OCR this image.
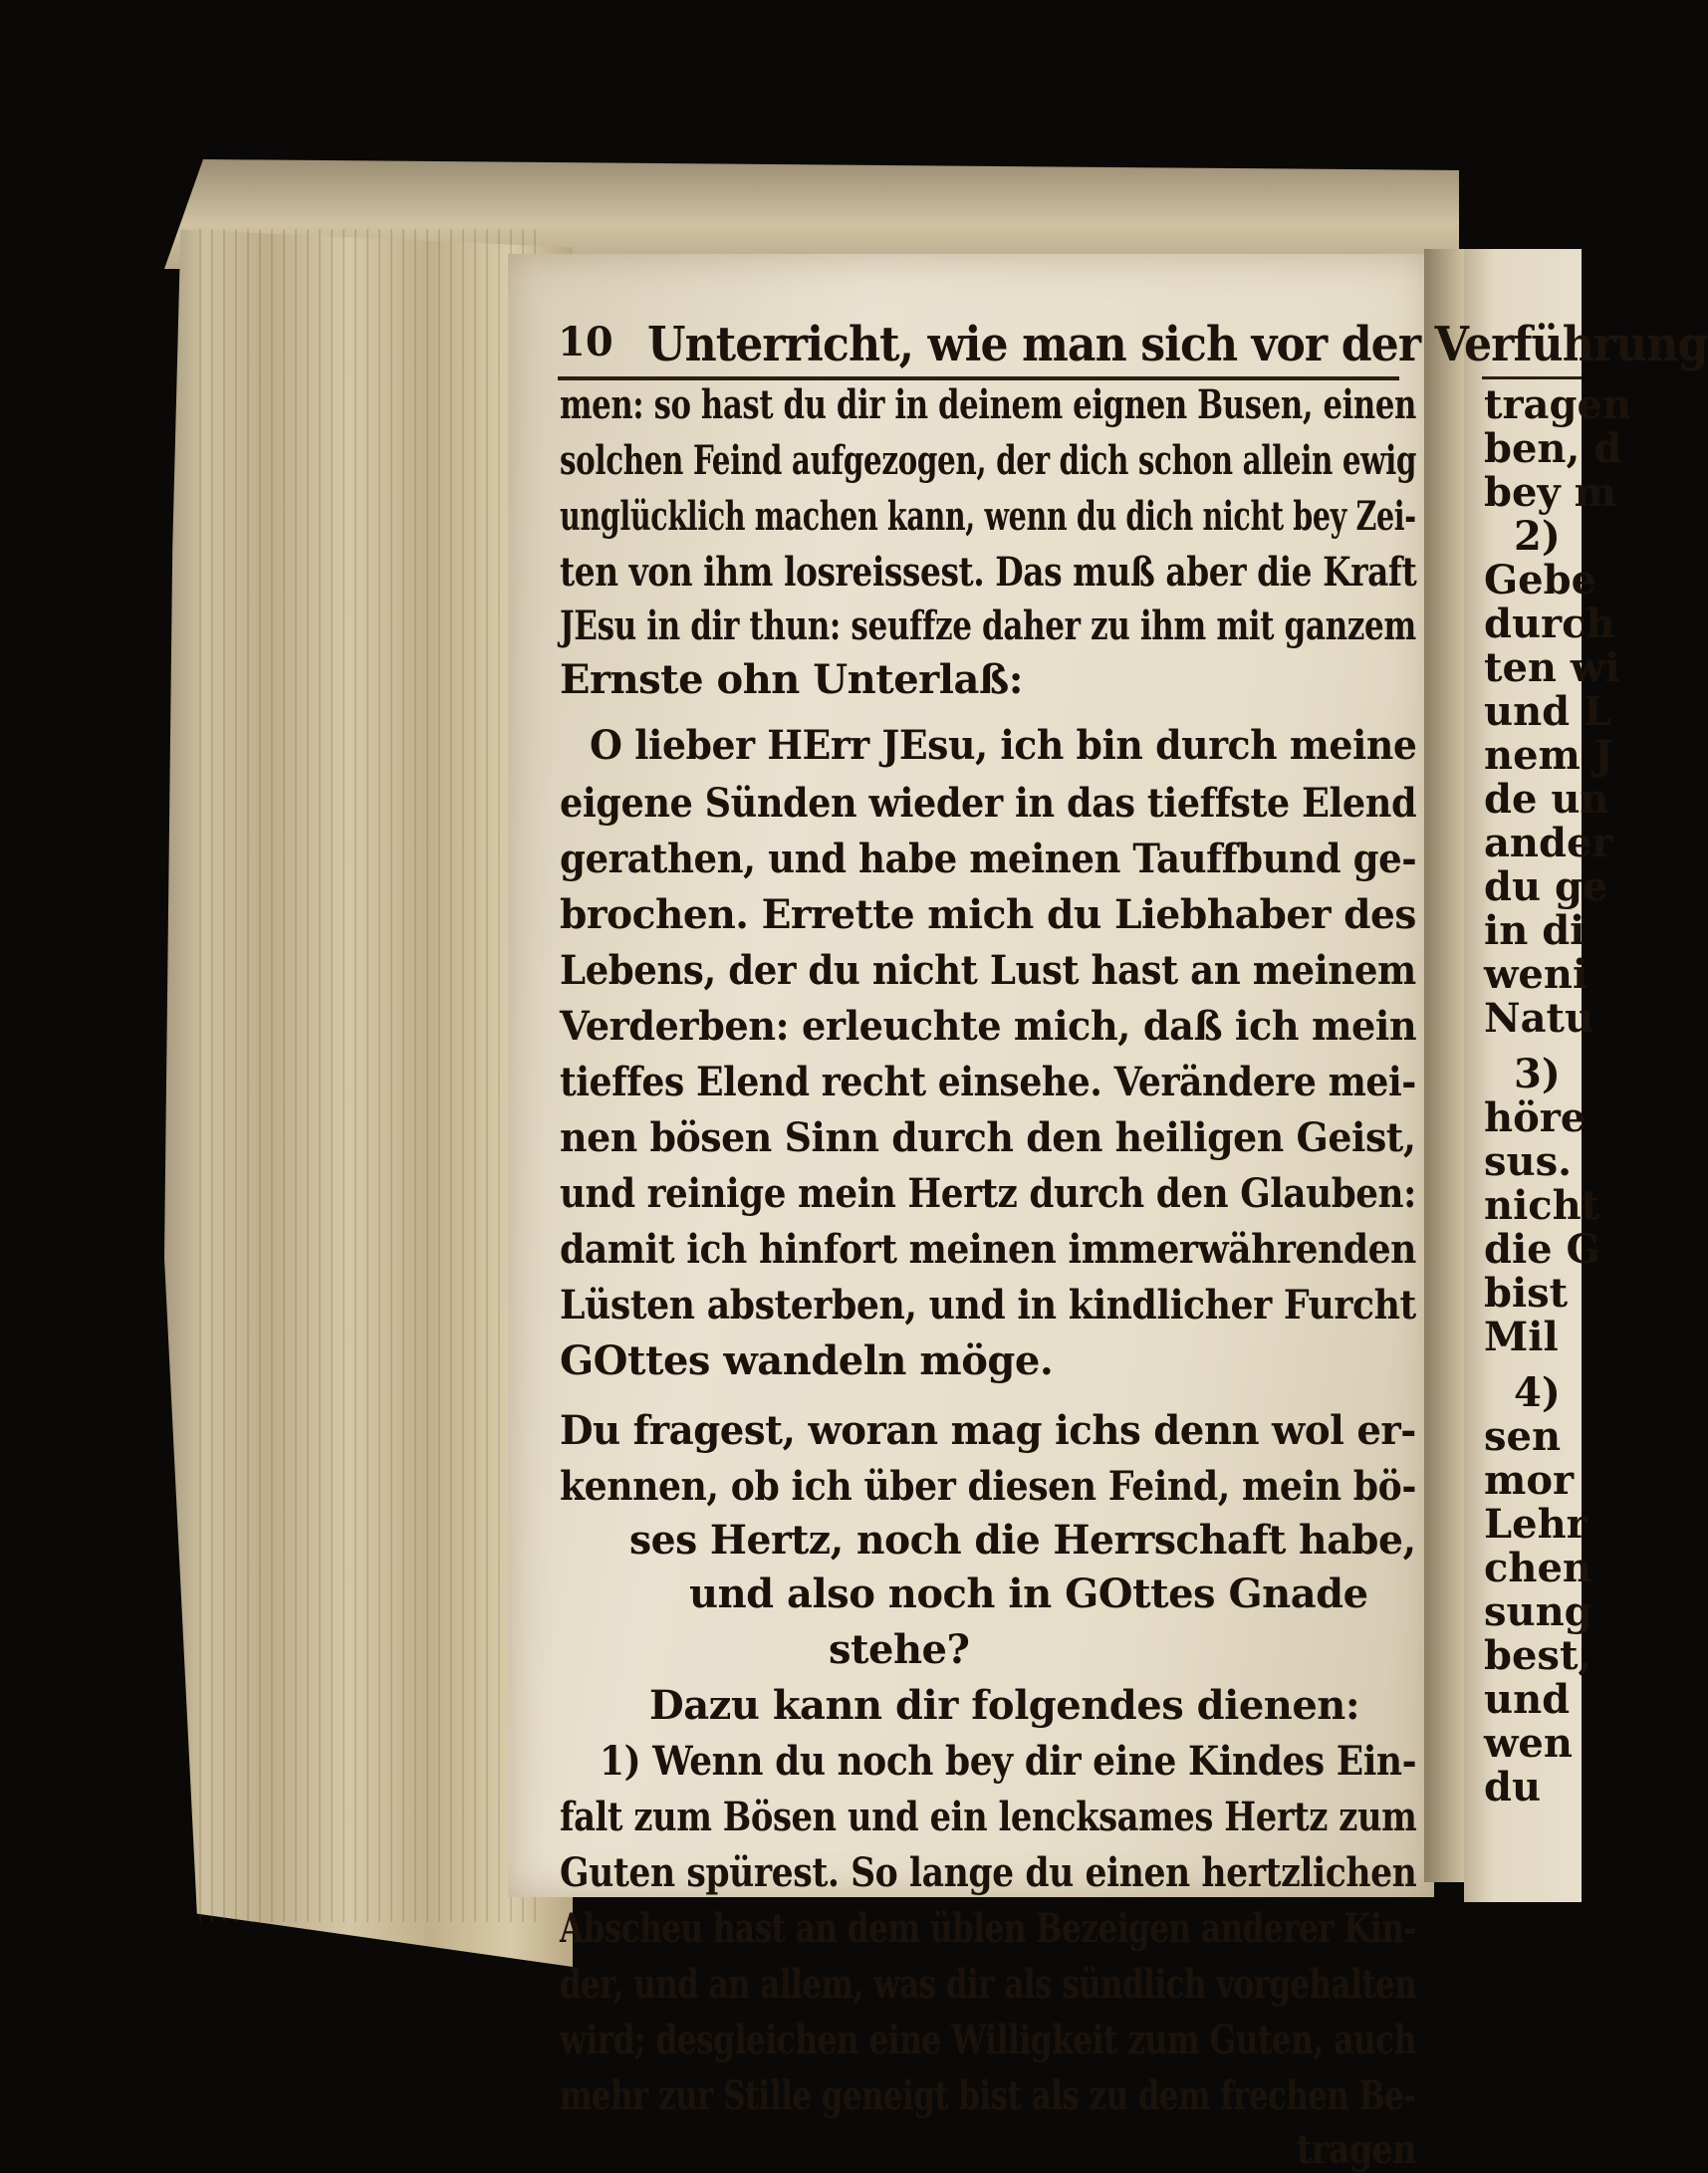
10 Unterricht, wie man sich vor der Verführung
men: so hast du dir in deinem eignen Busen, einen
solchen Feind aufgezogen, der dich schon allein ewig
unglücklich machen kann, wenn du dich nicht bey Zei-
ten von ihm losreissest. Das muß aber die Kraft
JEsu in dir thun: seuffze daher zu ihm mit ganzem
Ernste ohn Unterlaß:
O lieber HErr JEsu, ich bin durch meine
eigene Sünden wieder in das tieffste Elend
gerathen, und habe meinen Tauffbund ge-
brochen. Errette mich du Liebhaber des
Lebens, der du nicht Lust hast an meinem
Verderben: erleuchte mich, daß ich mein
tieffes Elend recht einsehe. Verändere mei-
nen bösen Sinn durch den heiligen Geist,
und reinige mein Hertz durch den Glauben:
damit ich hinfort meinen immerwährenden
Lüsten absterben, und in kindlicher Furcht
GOttes wandeln möge.
Du fragest, woran mag ichs denn wol er-
kennen, ob ich über diesen Feind, mein bö-
ses Hertz, noch die Herrschaft habe,
und also noch in GOttes Gnade
stehe?
Dazu kann dir folgendes dienen:
1) Wenn du noch bey dir eine Kindes Ein-
falt zum Bösen und ein lencksames Hertz zum
Guten spürest. So lange du einen hertzlichen
Abscheu hast an dem üblen Bezeigen anderer Kin-
der, und an allem, was dir als sündlich vorgehalten
wird; desgleichen eine Willigkeit zum Guten, auch
mehr zur Stille geneigt bist als zu dem frechen Be-
tragen
tragen
ben, d
bey m
2)
Gebe
durch
ten wi
und L
nem J
de un
ander
du ge
in di
weni
Natu
3)
höre
sus.
nicht
die G
bist
Mil
4)
sen
mor
Lehr
chen
sung
best,
und
wen
du
